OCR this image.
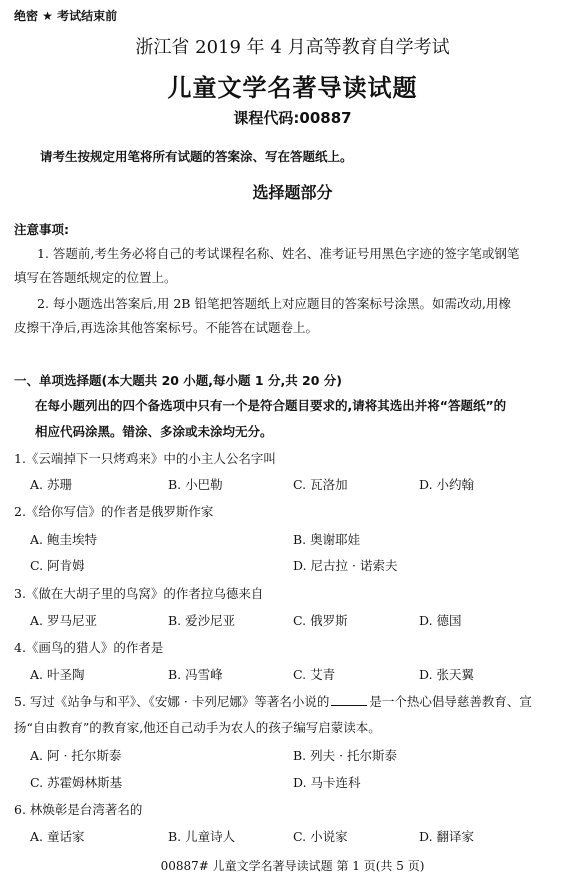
绝密 ★ 考试结束前
浙江省 2019 年 4 月高等教育自学考试
儿童文学名著导读试题
课程代码:00887
请考生按规定用笔将所有试题的答案涂、写在答题纸上。
选择题部分
注意事项:
1. 答题前,考生务必将自己的考试课程名称、姓名、准考证号用黑色字迹的签字笔或钢笔
填写在答题纸规定的位置上。
2. 每小题选出答案后,用 2B 铅笔把答题纸上对应题目的答案标号涂黑。如需改动,用橡
皮擦干净后,再选涂其他答案标号。不能答在试题卷上。
一、单项选择题(本大题共 20 小题,每小题 1 分,共 20 分)
在每小题列出的四个备选项中只有一个是符合题目要求的,请将其选出并将“答题纸”的
相应代码涂黑。错涂、多涂或未涂均无分。
1.《云端掉下一只烤鸡来》中的小主人公名字叫
A. 苏珊	B. 小巴勒	C. 瓦洛加	D. 小约翰
2.《给你写信》的作者是俄罗斯作家
A. 鲍圭埃特	B. 奥谢耶娃
C. 阿肯姆	D. 尼古拉 · 诺索夫
3.《做在大胡子里的鸟窝》的作者拉乌德来自
A. 罗马尼亚	B. 爱沙尼亚	C. 俄罗斯	D. 德国
4.《画鸟的猎人》的作者是
A. 叶圣陶	B. 冯雪峰	C. 艾青	D. 张天翼
5. 写过《站争与和平》、《安娜 · 卡列尼娜》等著名小说的	是一个热心倡导慈善教育、宣
扬“自由教育”的教育家,他还自己动手为农人的孩子编写启蒙读本。
A. 阿 · 托尔斯泰	B. 列夫 · 托尔斯泰
C. 苏霍姆林斯基	D. 马卡连科
6. 林焕彰是台湾著名的
A. 童话家	B. 儿童诗人	C. 小说家	D. 翻译家
00887# 儿童文学名著导读试题 第 1 页(共 5 页)
